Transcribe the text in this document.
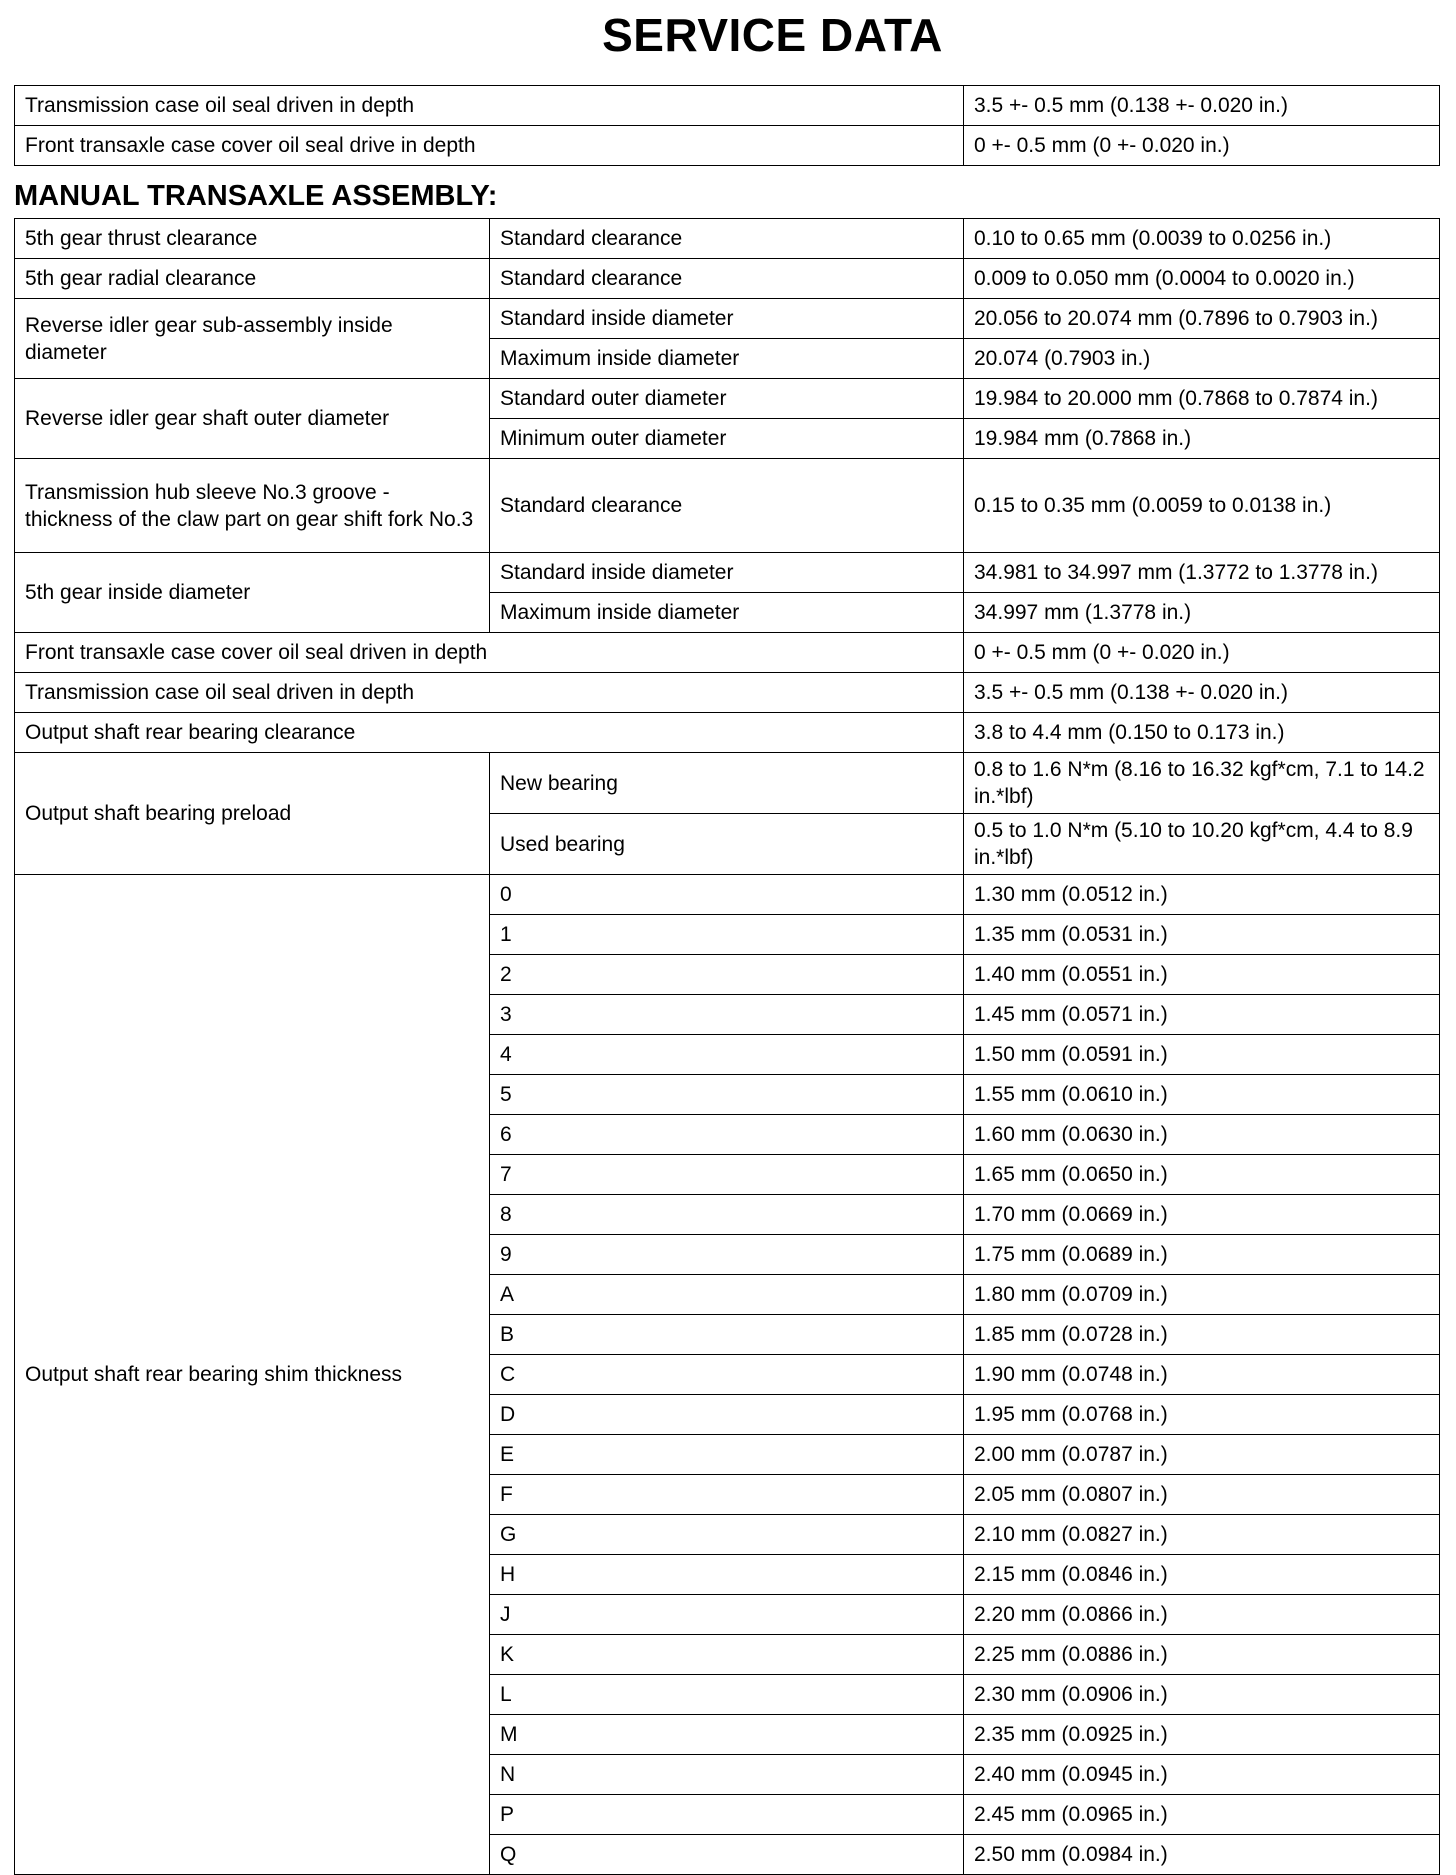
SERVICE DATA
Transmission case oil seal driven in depth	3.5 +- 0.5 mm (0.138 +- 0.020 in.)
Front transaxle case cover oil seal drive in depth	0 +- 0.5 mm (0 +- 0.020 in.)
MANUAL TRANSAXLE ASSEMBLY:
5th gear thrust clearance	Standard clearance	0.10 to 0.65 mm (0.0039 to 0.0256 in.)
5th gear radial clearance	Standard clearance	0.009 to 0.050 mm (0.0004 to 0.0020 in.)
Reverse idler gear sub-assembly inside diameter	Standard inside diameter	20.056 to 20.074 mm (0.7896 to 0.7903 in.)
	Maximum inside diameter	20.074 (0.7903 in.)
Reverse idler gear shaft outer diameter	Standard outer diameter	19.984 to 20.000 mm (0.7868 to 0.7874 in.)
	Minimum outer diameter	19.984 mm (0.7868 in.)
Transmission hub sleeve No.3 groove - thickness of the claw part on gear shift fork No.3	Standard clearance	0.15 to 0.35 mm (0.0059 to 0.0138 in.)
5th gear inside diameter	Standard inside diameter	34.981 to 34.997 mm (1.3772 to 1.3778 in.)
	Maximum inside diameter	34.997 mm (1.3778 in.)
Front transaxle case cover oil seal driven in depth		0 +- 0.5 mm (0 +- 0.020 in.)
Transmission case oil seal driven in depth		3.5 +- 0.5 mm (0.138 +- 0.020 in.)
Output shaft rear bearing clearance		3.8 to 4.4 mm (0.150 to 0.173 in.)
Output shaft bearing preload	New bearing	0.8 to 1.6 N*m (8.16 to 16.32 kgf*cm, 7.1 to 14.2 in.*lbf)
	Used bearing	0.5 to 1.0 N*m (5.10 to 10.20 kgf*cm, 4.4 to 8.9 in.*lbf)
Output shaft rear bearing shim thickness	0	1.30 mm (0.0512 in.)
	1	1.35 mm (0.0531 in.)
	2	1.40 mm (0.0551 in.)
	3	1.45 mm (0.0571 in.)
	4	1.50 mm (0.0591 in.)
	5	1.55 mm (0.0610 in.)
	6	1.60 mm (0.0630 in.)
	7	1.65 mm (0.0650 in.)
	8	1.70 mm (0.0669 in.)
	9	1.75 mm (0.0689 in.)
	A	1.80 mm (0.0709 in.)
	B	1.85 mm (0.0728 in.)
	C	1.90 mm (0.0748 in.)
	D	1.95 mm (0.0768 in.)
	E	2.00 mm (0.0787 in.)
	F	2.05 mm (0.0807 in.)
	G	2.10 mm (0.0827 in.)
	H	2.15 mm (0.0846 in.)
	J	2.20 mm (0.0866 in.)
	K	2.25 mm (0.0886 in.)
	L	2.30 mm (0.0906 in.)
	M	2.35 mm (0.0925 in.)
	N	2.40 mm (0.0945 in.)
	P	2.45 mm (0.0965 in.)
	Q	2.50 mm (0.0984 in.)
